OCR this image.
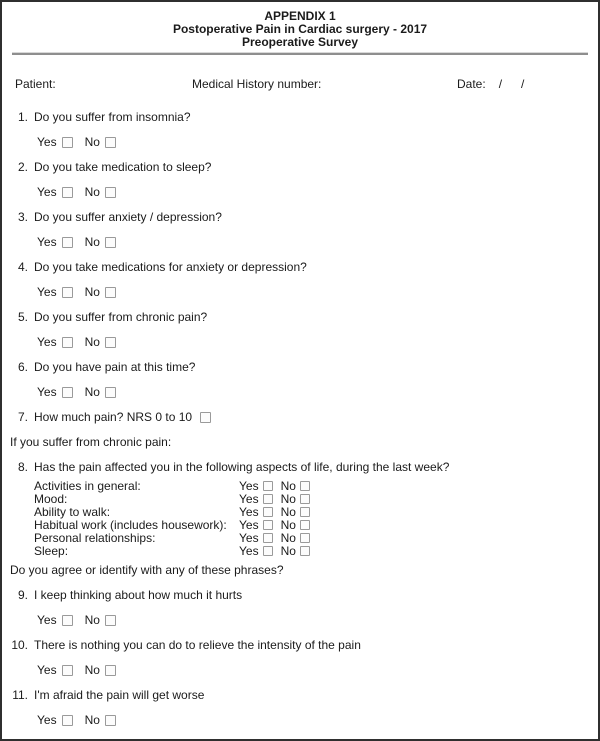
APPENDIX 1
Postoperative Pain in Cardiac surgery - 2017
Preoperative Survey
Patient:	Medical History number:	Date: / /
1. Do you suffer from insomnia?
Yes No
2. Do you take medication to sleep?
Yes No
3. Do you suffer anxiety / depression?
Yes No
4. Do you take medications for anxiety or depression?
Yes No
5. Do you suffer from chronic pain?
Yes No
6. Do you have pain at this time?
Yes No
7. How much pain? NRS 0 to 10
If you suffer from chronic pain:
8. Has the pain affected you in the following aspects of life, during the last week?
Activities in general:	Yes No
Mood:	Yes No
Ability to walk:	Yes No
Habitual work (includes housework): Yes No
Personal relationships:	Yes No
Sleep:	Yes No
Do you agree or identify with any of these phrases?
9. I keep thinking about how much it hurts
Yes No
10. There is nothing you can do to relieve the intensity of the pain
Yes No
11. I'm afraid the pain will get worse
Yes No
